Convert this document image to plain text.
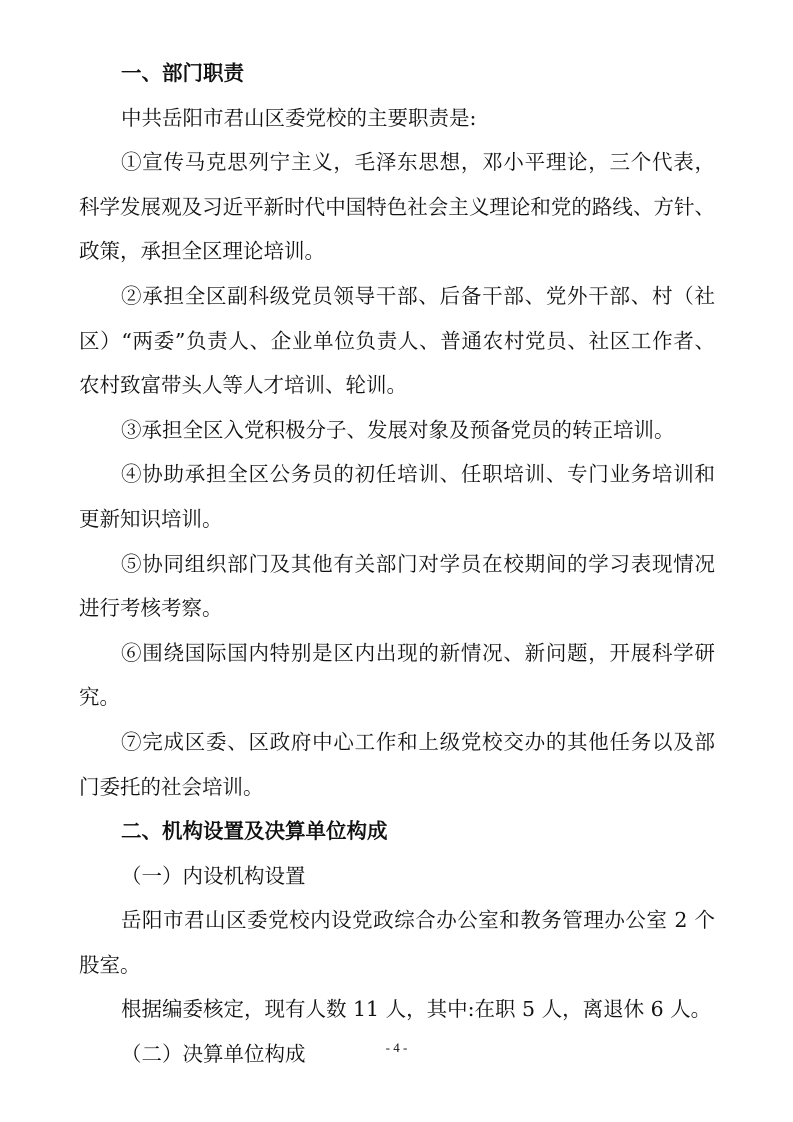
一、部门职责
中共岳阳市君山区委党校的主要职责是:
①宣传马克思列宁主义，毛泽东思想，邓小平理论，三个代表，
科学发展观及习近平新时代中国特色社会主义理论和党的路线、方针、
政策，承担全区理论培训。
②承担全区副科级党员领导干部、后备干部、党外干部、村（社
区）“两委”负责人、企业单位负责人、普通农村党员、社区工作者、
农村致富带头人等人才培训、轮训。
③承担全区入党积极分子、发展对象及预备党员的转正培训。
④协助承担全区公务员的初任培训、任职培训、专门业务培训和
更新知识培训。
⑤协同组织部门及其他有关部门对学员在校期间的学习表现情况
进行考核考察。
⑥围绕国际国内特别是区内出现的新情况、新问题，开展科学研
究。
⑦完成区委、区政府中心工作和上级党校交办的其他任务以及部
门委托的社会培训。
二、机构设置及决算单位构成
（一）内设机构设置
岳阳市君山区委党校内设党政综合办公室和教务管理办公室 2 个
股室。
根据编委核定，现有人数 11 人，其中:在职 5 人，离退休 6 人。
（二）决算单位构成	- 4 -
